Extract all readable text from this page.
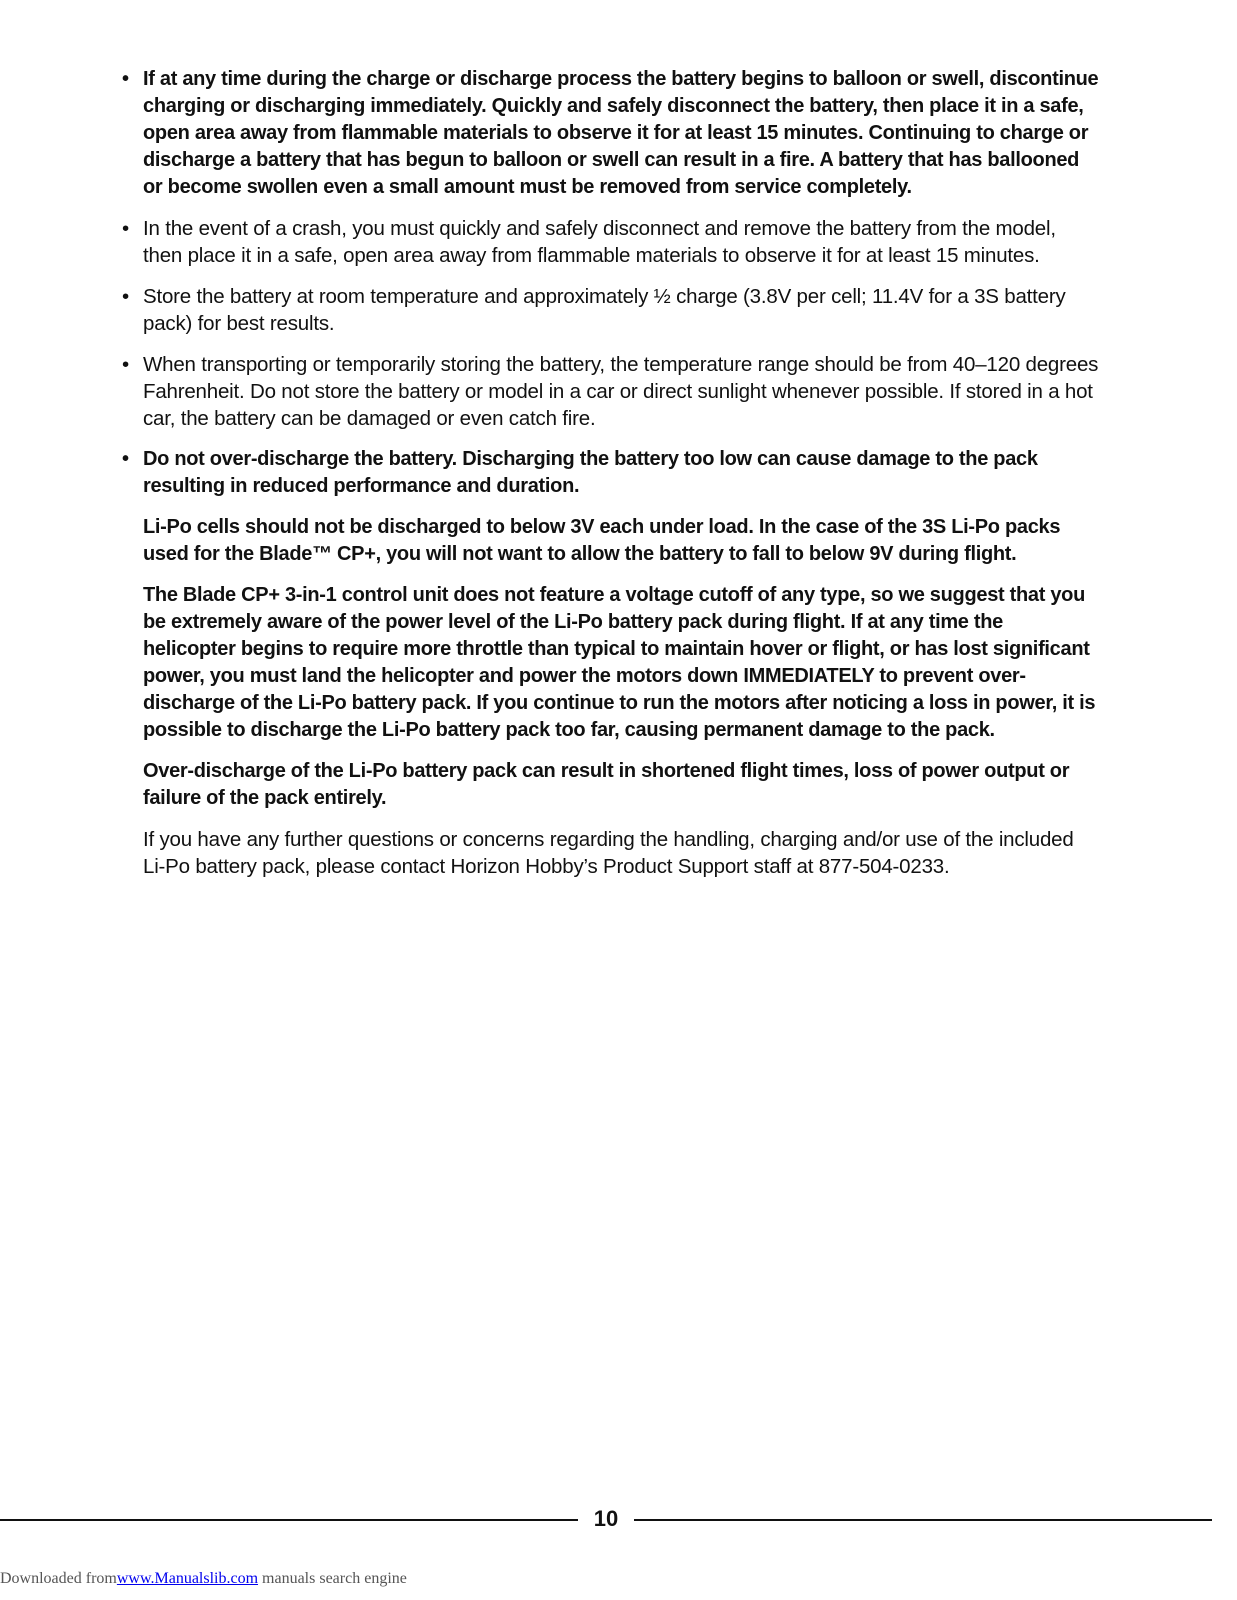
• If at any time during the charge or discharge process the battery begins to balloon or swell, discontinue charging or discharging immediately. Quickly and safely disconnect the battery, then place it in a safe, open area away from flammable materials to observe it for at least 15 minutes. Continuing to charge or discharge a battery that has begun to balloon or swell can result in a fire. A battery that has ballooned or become swollen even a small amount must be removed from service completely.
• In the event of a crash, you must quickly and safely disconnect and remove the battery from the model, then place it in a safe, open area away from flammable materials to observe it for at least 15 minutes.
• Store the battery at room temperature and approximately ½ charge (3.8V per cell; 11.4V for a 3S battery pack) for best results.
• When transporting or temporarily storing the battery, the temperature range should be from 40–120 degrees Fahrenheit. Do not store the battery or model in a car or direct sunlight whenever possible. If stored in a hot car, the battery can be damaged or even catch fire.
• Do not over-discharge the battery. Discharging the battery too low can cause damage to the pack resulting in reduced performance and duration.

Li-Po cells should not be discharged to below 3V each under load. In the case of the 3S Li-Po packs used for the Blade™ CP+, you will not want to allow the battery to fall to below 9V during flight.

The Blade CP+ 3-in-1 control unit does not feature a voltage cutoff of any type, so we suggest that you be extremely aware of the power level of the Li-Po battery pack during flight. If at any time the helicopter begins to require more throttle than typical to maintain hover or flight, or has lost significant power, you must land the helicopter and power the motors down IMMEDIATELY to prevent over-discharge of the Li-Po battery pack. If you continue to run the motors after noticing a loss in power, it is possible to discharge the Li-Po battery pack too far, causing permanent damage to the pack.

Over-discharge of the Li-Po battery pack can result in shortened flight times, loss of power output or failure of the pack entirely.

If you have any further questions or concerns regarding the handling, charging and/or use of the included Li-Po battery pack, please contact Horizon Hobby’s Product Support staff at 877-504-0233.

10
Downloaded fromwww.Manualslib.com manuals search engine
